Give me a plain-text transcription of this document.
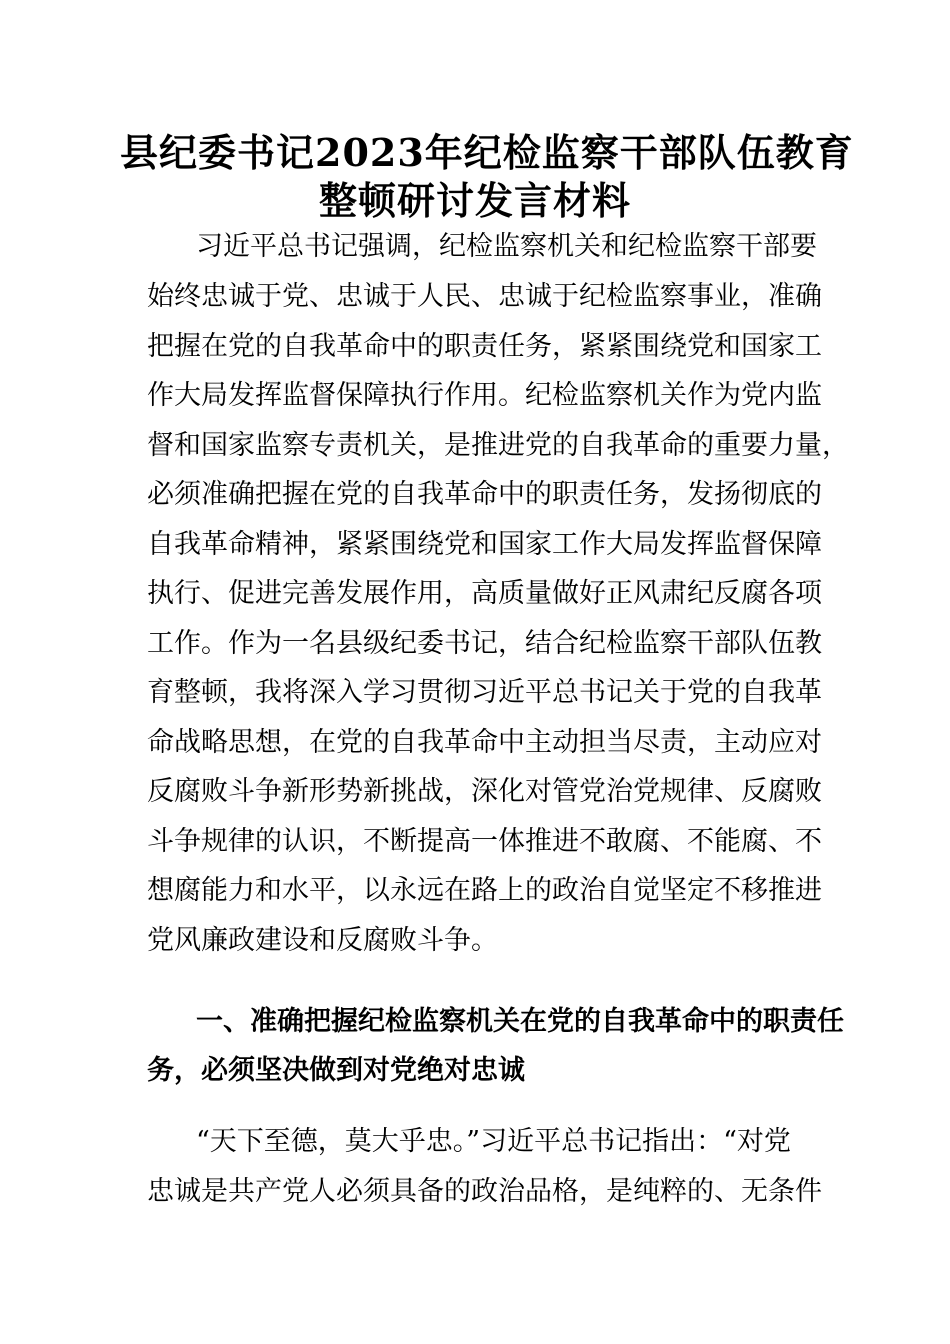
县纪委书记2023年纪检监察干部队伍教育
整顿研讨发言材料
习近平总书记强调，纪检监察机关和纪检监察干部要
始终忠诚于党、忠诚于人民、忠诚于纪检监察事业，准确
把握在党的自我革命中的职责任务，紧紧围绕党和国家工
作大局发挥监督保障执行作用。纪检监察机关作为党内监
督和国家监察专责机关，是推进党的自我革命的重要力量，
必须准确把握在党的自我革命中的职责任务，发扬彻底的
自我革命精神，紧紧围绕党和国家工作大局发挥监督保障
执行、促进完善发展作用，高质量做好正风肃纪反腐各项
工作。作为一名县级纪委书记，结合纪检监察干部队伍教
育整顿，我将深入学习贯彻习近平总书记关于党的自我革
命战略思想，在党的自我革命中主动担当尽责，主动应对
反腐败斗争新形势新挑战，深化对管党治党规律、反腐败
斗争规律的认识，不断提高一体推进不敢腐、不能腐、不
想腐能力和水平，以永远在路上的政治自觉坚定不移推进
党风廉政建设和反腐败斗争。
一、准确把握纪检监察机关在党的自我革命中的职责任
务，必须坚决做到对党绝对忠诚
“天下至德，莫大乎忠。”习近平总书记指出：“对党
忠诚是共产党人必须具备的政治品格，是纯粹的、无条件
